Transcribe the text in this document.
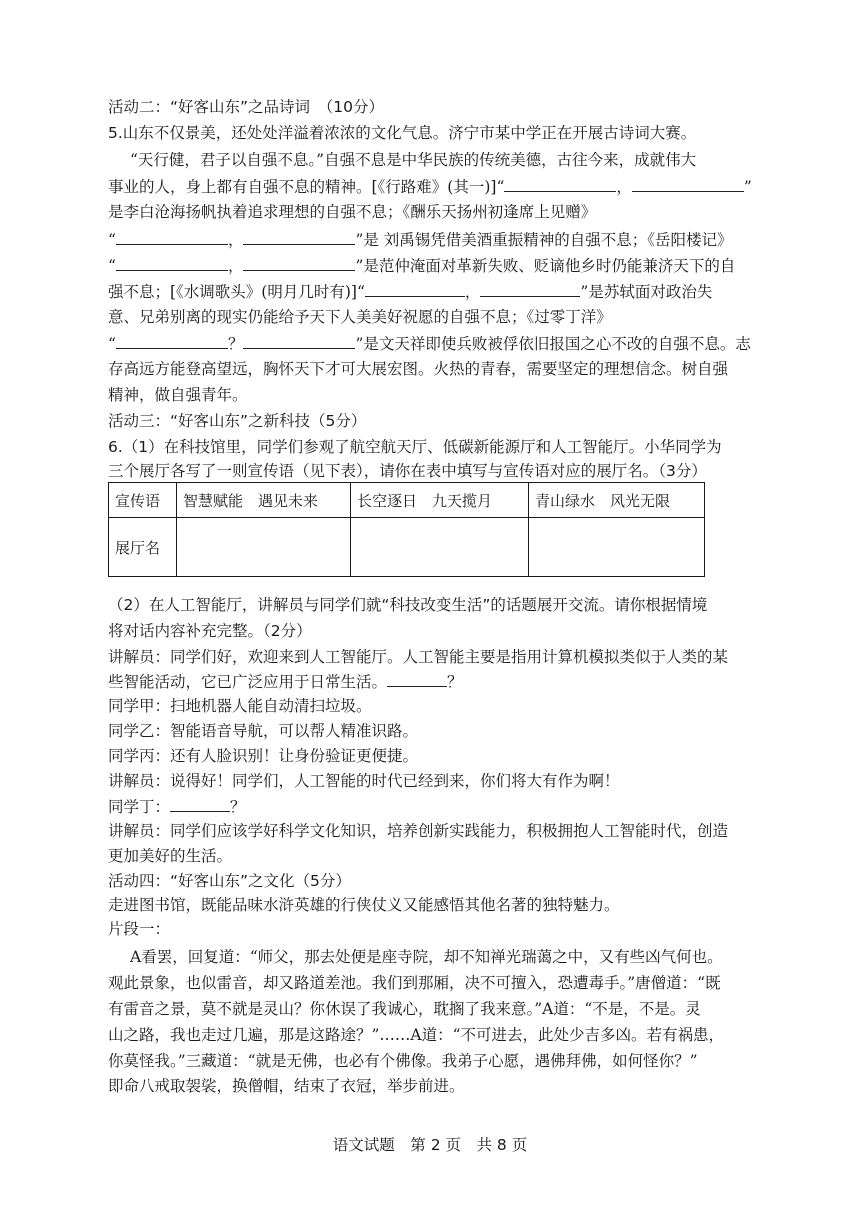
活动二：“好客山东”之品诗词　（10分）
5.山东不仅景美，还处处洋溢着浓浓的文化气息。济宁市某中学正在开展古诗词大赛。
“天行健，君子以自强不息。”自强不息是中华民族的传统美德，古往今来，成就伟大
事业的人，身上都有自强不息的精神。[《行路难》(其一)]“	，	”
是李白沧海扬帆执着追求理想的自强不息；《酬乐天扬州初逢席上见赠》
“	，	”是 刘禹锡凭借美酒重振精神的自强不息；《岳阳楼记》
“	，	”是范仲淹面对革新失败、贬谪他乡时仍能兼济天下的自
强不息；[《水调歌头》(明月几时有)]“	，	”是苏轼面对政治失
意、兄弟别离的现实仍能给予天下人美美好祝愿的自强不息；《过零丁洋》
“	？	”是文天祥即使兵败被俘依旧报国之心不改的自强不息。志
存高远方能登高望远，胸怀天下才可大展宏图。火热的青春，需要坚定的理想信念。树自强
精神，做自强青年。
活动三：“好客山东”之新科技（5分）
6.（1）在科技馆里，同学们参观了航空航天厅、低碳新能源厅和人工智能厅。小华同学为
三个展厅各写了一则宣传语（见下表），请你在表中填写与宣传语对应的展厅名。（3分）
宣传语	智慧赋能　遇见未来	长空逐日　九天揽月	青山绿水　风光无限
展厅名			
（2）在人工智能厅，讲解员与同学们就“科技改变生活”的话题展开交流。请你根据情境
将对话内容补充完整。（2分）
讲解员：同学们好，欢迎来到人工智能厅。人工智能主要是指用计算机模拟类似于人类的某
些智能活动，它已广泛应用于日常生活。	？
同学甲：扫地机器人能自动清扫垃圾。
同学乙：智能语音导航，可以帮人精准识路。
同学丙：还有人脸识别！让身份验证更便捷。
讲解员：说得好！同学们，人工智能的时代已经到来，你们将大有作为啊！
同学丁：	？
讲解员：同学们应该学好科学文化知识，培养创新实践能力，积极拥抱人工智能时代，创造
更加美好的生活。
活动四：“好客山东”之文化（5分）
走进图书馆，既能品味水浒英雄的行侠仗义又能感悟其他名著的独特魅力。
片段一：
A看罢，回复道：“师父，那去处便是座寺院，却不知禅光瑞蔼之中，又有些凶气何也。
观此景象，也似雷音，却又路道差池。我们到那厢，决不可擅入，恐遭毒手。”唐僧道：“既
有雷音之景，莫不就是灵山？你休误了我诚心，耽搁了我来意。”A道：“不是，不是。灵
山之路，我也走过几遍，那是这路途？”……A道：“不可进去，此处少吉多凶。若有祸患，
你莫怪我。”三藏道：“就是无佛，也必有个佛像。我弟子心愿，遇佛拜佛，如何怪你？”
即命八戒取袈裟，换僧帽，结束了衣冠，举步前进。
语文试题　第 2 页　共 8 页
